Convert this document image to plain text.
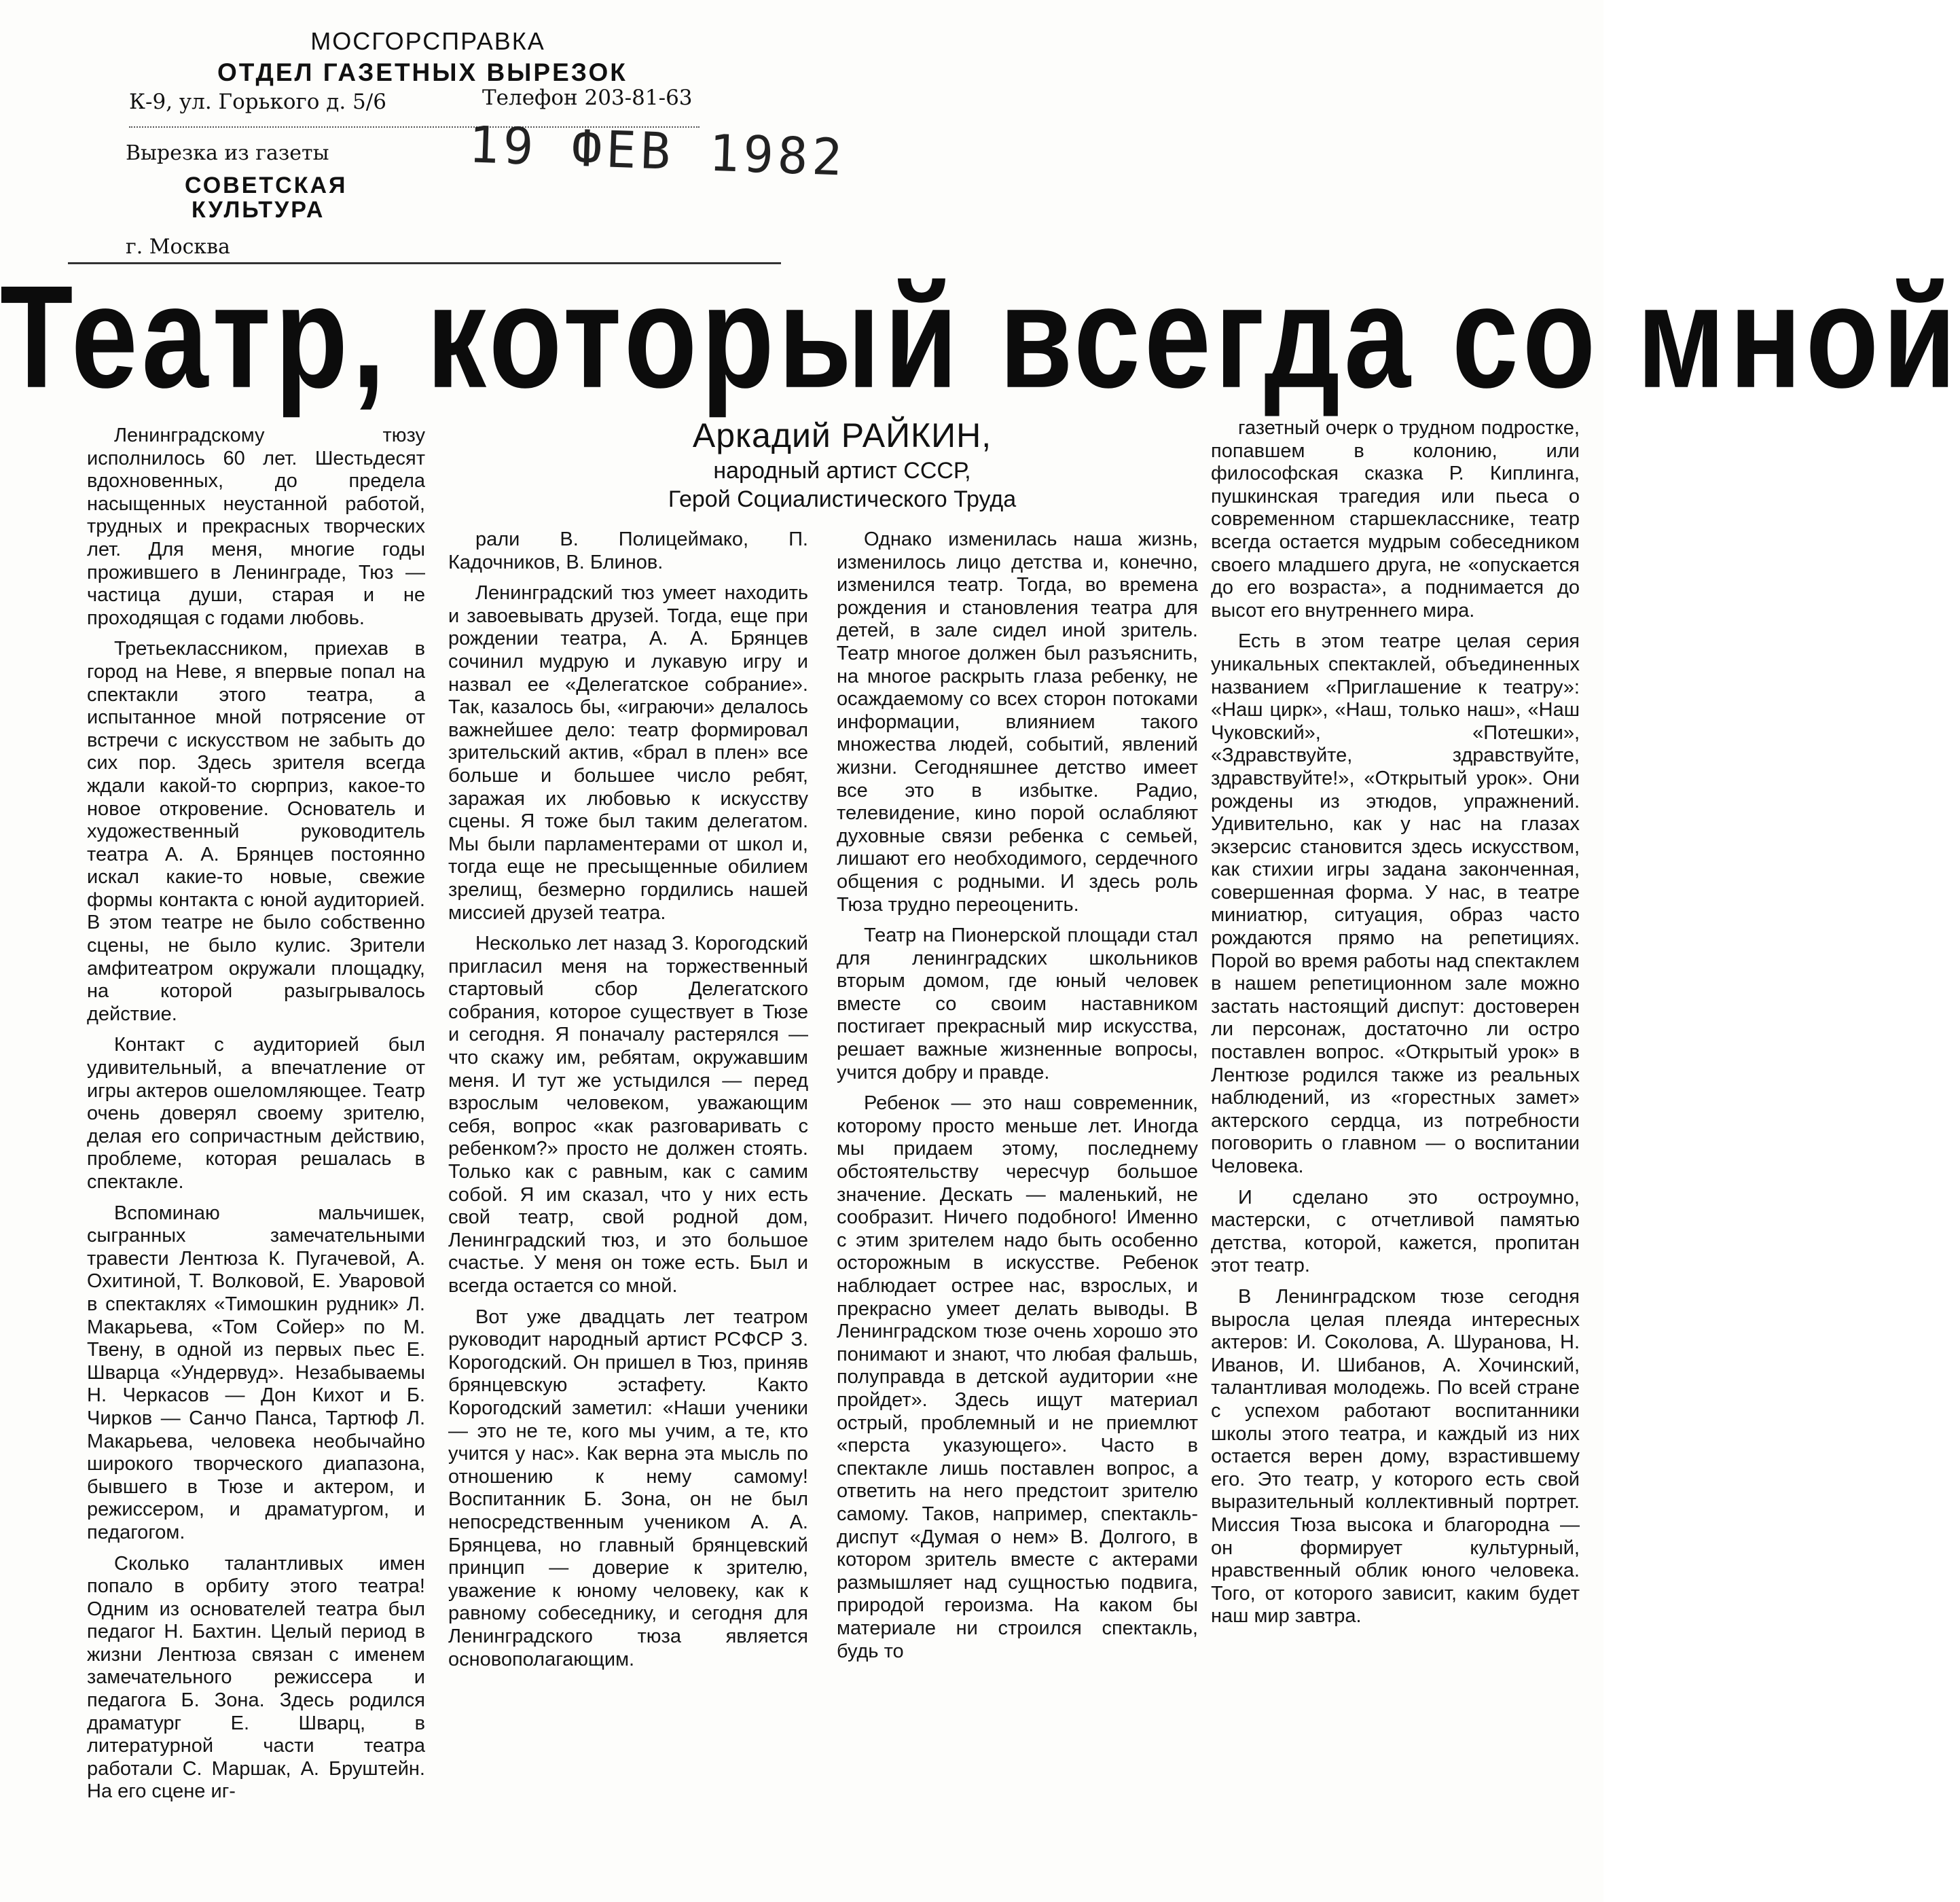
МОСГОРСПРАВКА
ОТДЕЛ ГАЗЕТНЫХ ВЫРЕЗОК
К-9, ул. Горького д. 5/6	Телефон 203-81-63
Вырезка из газеты	19 ФЕВ 1982
СОВЕТСКАЯ
КУЛЬТУРА
г. Москва
Театр, который всегда со мной
Аркадий РАЙКИН,
народный артист СССР,
Герой Социалистического Труда

Ленинградскому тюзу исполнилось 60 лет. Шестьдесят вдохновенных, до предела насыщенных неустанной работой, трудных и прекрасных творческих лет. Для меня, многие годы прожившего в Ленинграде, Тюз — частица души, старая и не проходящая с годами любовь.

Третьеклассником, приехав в город на Неве, я впервые попал на спектакли этого театра, а испытанное мной потрясение от встречи с искусством не забыть до сих пор. Здесь зрителя всегда ждали какой-то сюрприз, какое-то новое откровение. Основатель и художественный руководитель театра А. А. Брянцев постоянно искал какие-то новые, свежие формы контакта с юной аудиторией. В этом театре не было собственно сцены, не было кулис. Зрители амфитеатром окружали площадку, на которой разыгрывалось действие.

Контакт с аудиторией был удивительный, а впечатление от игры актеров ошеломляющее. Театр очень доверял своему зрителю, делая его сопричастным действию, проблеме, которая решалась в спектакле.

Вспоминаю мальчишек, сыгранных замечательными травести Лентюза К. Пугачевой, А. Охитиной, Т. Волковой, Е. Уваровой в спектаклях «Тимошкин рудник» Л. Макарьева, «Том Сойер» по М. Твену, в одной из первых пьес Е. Шварца «Ундервуд». Незабываемы Н. Черкасов — Дон Кихот и Б. Чирков — Санчо Панса, Тартюф Л. Макарьева, человека необычайно широкого творческого диапазона, бывшего в Тюзе и актером, и режиссером, и драматургом, и педагогом.

Сколько талантливых имен попало в орбиту этого театра! Одним из основателей театра был педагог Н. Бахтин. Целый период в жизни Лентюза связан с именем замечательного режиссера и педагога Б. Зона. Здесь родился драматург Е. Шварц, в литературной части театра работали С. Маршак, А. Бруштейн. На его сцене иг-

рали В. Полицеймако, П. Кадочников, В. Блинов.

Ленинградский тюз умеет находить и завоевывать друзей. Тогда, еще при рождении театра, А. А. Брянцев сочинил мудрую и лукавую игру и назвал ее «Делегатское собрание». Так, казалось бы, «играючи» делалось важнейшее дело: театр формировал зрительский актив, «брал в плен» все больше и большее число ребят, заражая их любовью к искусству сцены. Я тоже был таким делегатом. Мы были парламентерами от школ и, тогда еще не пресыщенные обилием зрелищ, безмерно гордились нашей миссией друзей театра.

Несколько лет назад З. Корогодский пригласил меня на торжественный стартовый сбор Делегатского собрания, которое существует в Тюзе и сегодня. Я поначалу растерялся — что скажу им, ребятам, окружавшим меня. И тут же устыдился — перед взрослым человеком, уважающим себя, вопрос «как разговаривать с ребенком?» просто не должен стоять. Только как с равным, как с самим собой. Я им сказал, что у них есть свой театр, свой родной дом, Ленинградский тюз, и это большое счастье. У меня он тоже есть. Был и всегда остается со мной.

Вот уже двадцать лет театром руководит народный артист РСФСР З. Корогодский. Он пришел в Тюз, приняв брянцевскую эстафету. Както Корогодский заметил: «Наши ученики — это не те, кого мы учим, а те, кто учится у нас». Как верна эта мысль по отношению к нему самому! Воспитанник Б. Зона, он не был непосредственным учеником А. А. Брянцева, но главный брянцевский принцип — доверие к зрителю, уважение к юному человеку, как к равному собеседнику, и сегодня для Ленинградского тюза является основополагающим.

Однако изменилась наша жизнь, изменилось лицо детства и, конечно, изменился театр. Тогда, во времена рождения и становления театра для детей, в зале сидел иной зритель. Театр многое должен был разъяснить, на многое раскрыть глаза ребенку, не осаждаемому со всех сторон потоками информации, влиянием такого множества людей, событий, явлений жизни. Сегодняшнее детство имеет все это в избытке. Радио, телевидение, кино порой ослабляют духовные связи ребенка с семьей, лишают его необходимого, сердечного общения с родными. И здесь роль Тюза трудно переоценить.

Театр на Пионерской площади стал для ленинградских школьников вторым домом, где юный человек вместе со своим наставником постигает прекрасный мир искусства, решает важные жизненные вопросы, учится добру и правде.

Ребенок — это наш современник, которому просто меньше лет. Иногда мы придаем этому, последнему обстоятельству чересчур большое значение. Дескать — маленький, не сообразит. Ничего подобного! Именно с этим зрителем надо быть особенно осторожным в искусстве. Ребенок наблюдает острее нас, взрослых, и прекрасно умеет делать выводы. В Ленинградском тюзе очень хорошо это понимают и знают, что любая фальшь, полуправда в детской аудитории «не пройдет». Здесь ищут материал острый, проблемный и не приемлют «перста указующего». Часто в спектакле лишь поставлен вопрос, а ответить на него предстоит зрителю самому. Таков, например, спектакль-диспут «Думая о нем» В. Долгого, в котором зритель вместе с актерами размышляет над сущностью подвига, природой героизма. На каком бы материале ни строился спектакль, будь то

газетный очерк о трудном подростке, попавшем в колонию, или философская сказка Р. Киплинга, пушкинская трагедия или пьеса о современном старшекласснике, театр всегда остается мудрым собеседником своего младшего друга, не «опускается до его возраста», а поднимается до высот его внутреннего мира.

Есть в этом театре целая серия уникальных спектаклей, объединенных названием «Приглашение к театру»: «Наш цирк», «Наш, только наш», «Наш Чуковский», «Потешки», «Здравствуйте, здравствуйте, здравствуйте!», «Открытый урок». Они рождены из этюдов, упражнений. Удивительно, как у нас на глазах экзерсис становится здесь искусством, как стихии игры задана законченная, совершенная форма. У нас, в театре миниатюр, ситуация, образ часто рождаются прямо на репетициях. Порой во время работы над спектаклем в нашем репетиционном зале можно застать настоящий диспут: достоверен ли персонаж, достаточно ли остро поставлен вопрос. «Открытый урок» в Лентюзе родился также из реальных наблюдений, из «горестных замет» актерского сердца, из потребности поговорить о главном — о воспитании Человека.

И сделано это остроумно, мастерски, с отчетливой памятью детства, которой, кажется, пропитан этот театр.

В Ленинградском тюзе сегодня выросла целая плеяда интересных актеров: И. Соколова, А. Шуранова, Н. Иванов, И. Шибанов, А. Хочинский, талантливая молодежь. По всей стране с успехом работают воспитанники школы этого театра, и каждый из них остается верен дому, взрастившему его. Это театр, у которого есть свой выразительный коллективный портрет. Миссия Тюза высока и благородна — он формирует культурный, нравственный облик юного человека. Того, от которого зависит, каким будет наш мир завтра.
